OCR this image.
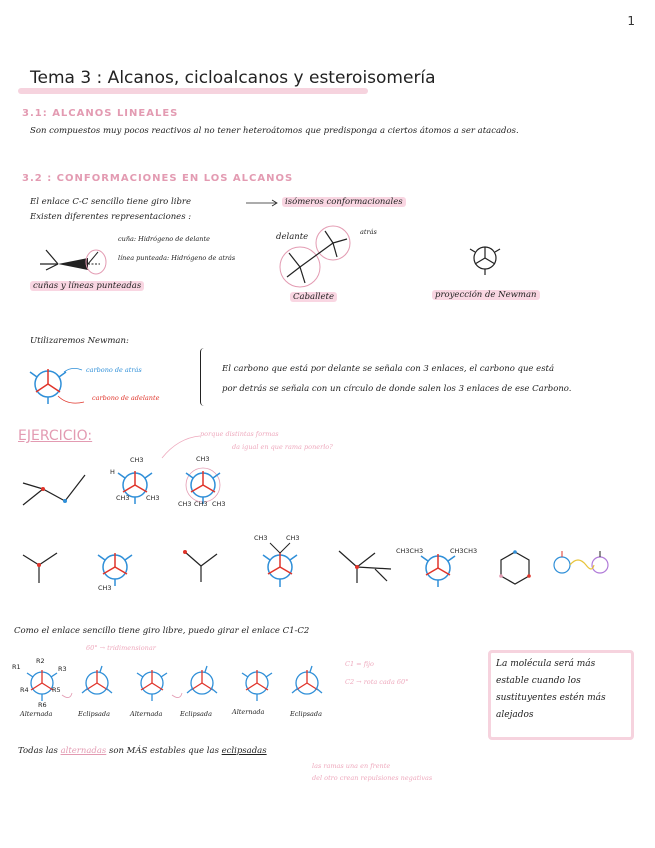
1
Tema 3 : Alcanos, cicloalcanos y esteroisomería
3.1: ALCANOS LINEALES
Son compuestos muy pocos reactivos al no tener heteroátomos que predisponga a ciertos átomos a ser atacados.
3.2 : CONFORMACIONES EN LOS ALCANOS
El enlace C-C sencillo tiene giro libre	isómeros conformacionales
Existen diferentes representaciones :
cuña: Hidrógeno de delante
línea punteada: Hidrógeno de atrás
cuñas y líneas punteadas
delante	atrás
Caballete	proyección de Newman
Utilizaremos Newman:
carbono de atrás
carbono de adelante
El carbono que está por delante se señala con 3 enlaces, el carbono que está
por detrás se señala con un círculo de donde salen los 3 enlaces de ese Carbono.
EJERCICIO:	porque distintas formas
da igual en que rama ponerlo?
CH3
H
CH3	CH3
CH3
CH3 CH3 CH3
CH3
CH3	CH3
CH3CH3	CH3CH3
Como el enlace sencillo tiene giro libre, puedo girar el enlace C1-C2
60° → tridimensionar
C1 = fijo
C2 → rota cada 60°
R1
R2
R3
R4	R5
R6
Alternada	Eclipsada	Alternada	Eclipsada	Alternada	Eclipsada
La molécula será más estable cuando los sustituyentes estén más alejados
Todas las alternadas son MÁS estables que las eclipsadas
las ramas una en frente
del otro crean repulsiones negativas
